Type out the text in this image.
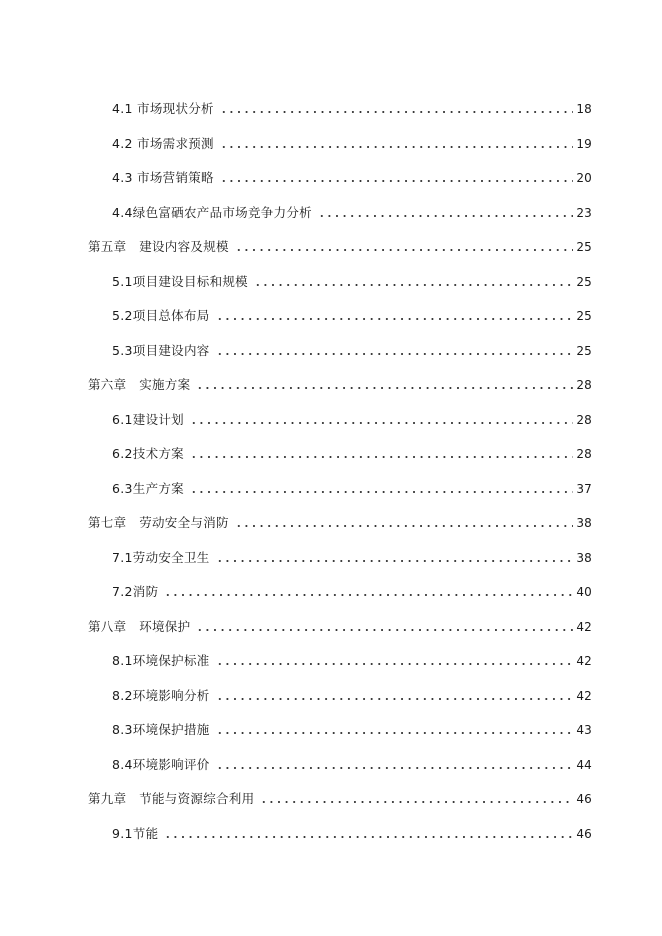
4.1 市场现状分析	18
4.2 市场需求预测	19
4.3 市场营销策略	20
4.4绿色富硒农产品市场竞争力分析	23
第五章　建设内容及规模	25
5.1项目建设目标和规模	25
5.2项目总体布局	25
5.3项目建设内容	25
第六章　实施方案	28
6.1建设计划	28
6.2技术方案	28
6.3生产方案	37
第七章　劳动安全与消防	38
7.1劳动安全卫生	38
7.2消防	40
第八章　环境保护	42
8.1环境保护标准	42
8.2环境影响分析	42
8.3环境保护措施	43
8.4环境影响评价	44
第九章　节能与资源综合利用	46
9.1节能	46
